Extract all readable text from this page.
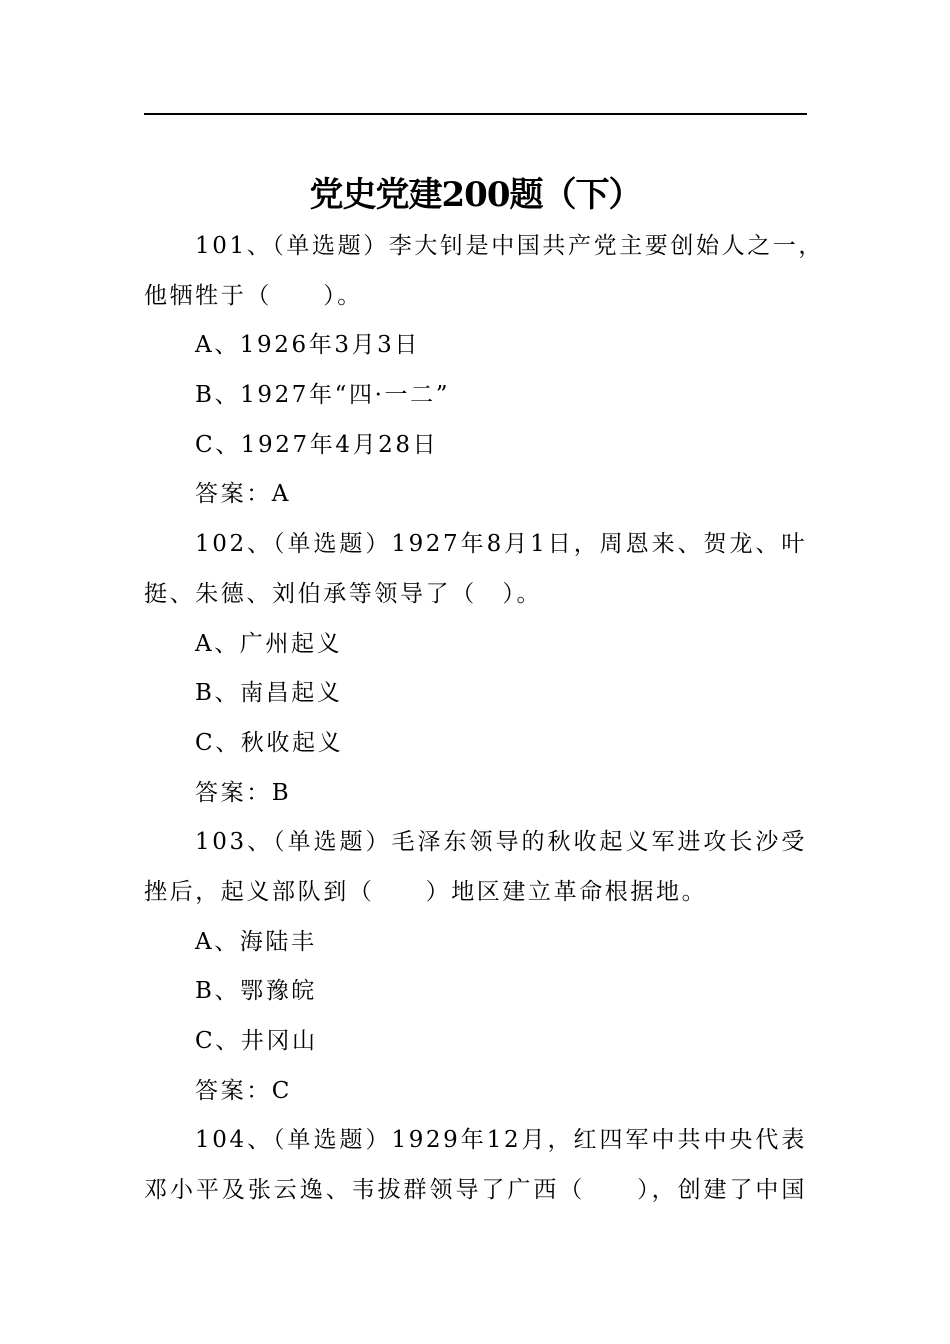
党史党建200题（下）
101、（单选题）李大钊是中国共产党主要创始人之一，
他牺牲于（　　）。
A、1926年3月3日
B、1927年“四·一二”
C、1927年4月28日
答案：A
102、（单选题）1927年8月1日，周恩来、贺龙、叶
挺、朱德、刘伯承等领导了（　）。
A、广州起义
B、南昌起义
C、秋收起义
答案：B
103、（单选题）毛泽东领导的秋收起义军进攻长沙受
挫后，起义部队到（　　）地区建立革命根据地。
A、海陆丰
B、鄂豫皖
C、井冈山
答案：C
104、（单选题）1929年12月，红四军中共中央代表
邓小平及张云逸、韦拔群领导了广西（　　），创建了中国
